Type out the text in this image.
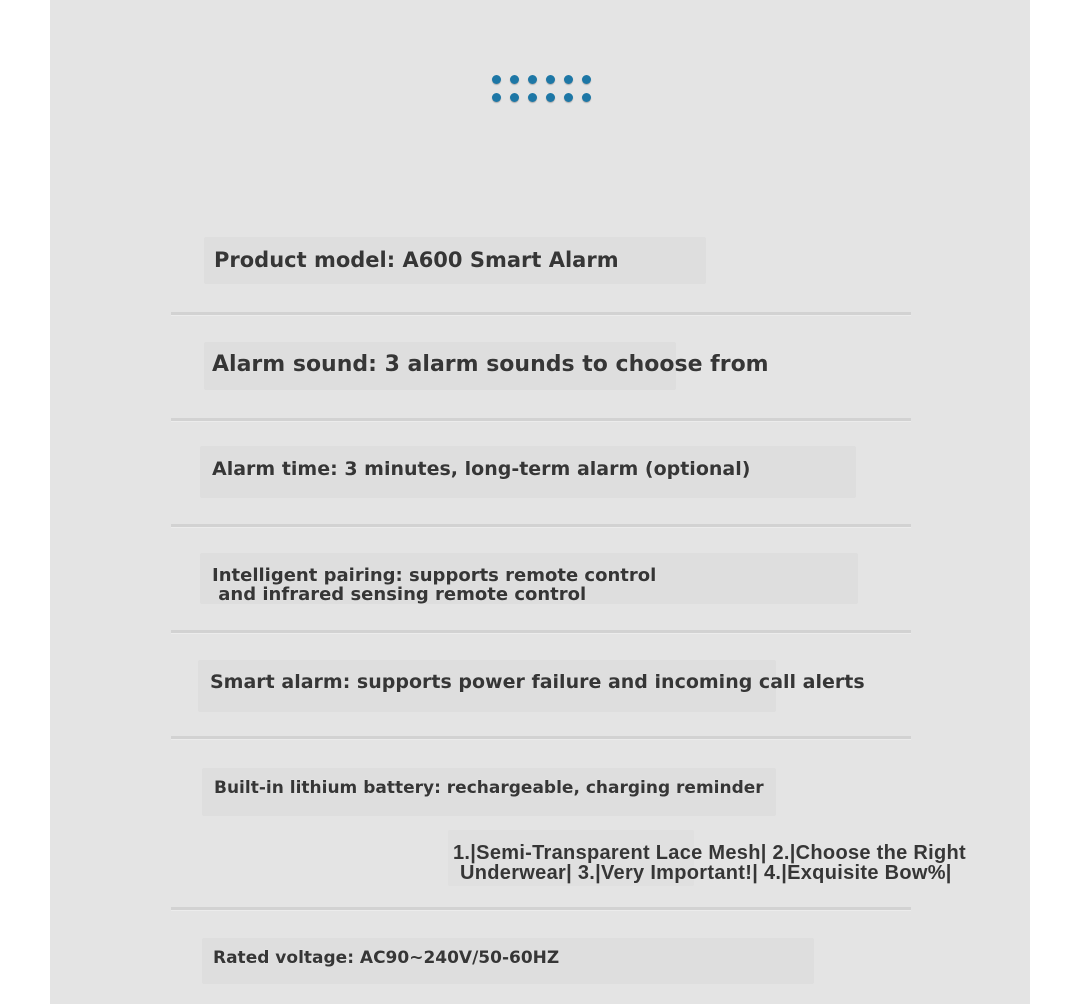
Product model: A600 Smart Alarm
Alarm sound: 3 alarm sounds to choose from
Alarm time: 3 minutes, long-term alarm (optional)
Intelligent pairing: supports remote control
and infrared sensing remote control
Smart alarm: supports power failure and incoming call alerts
Built-in lithium battery: rechargeable, charging reminder
1.|Semi-Transparent Lace Mesh| 2.|Choose the Right
Underwear| 3.|Very Important!| 4.|Exquisite Bow%|
Rated voltage: AC90~240V/50-60HZ
